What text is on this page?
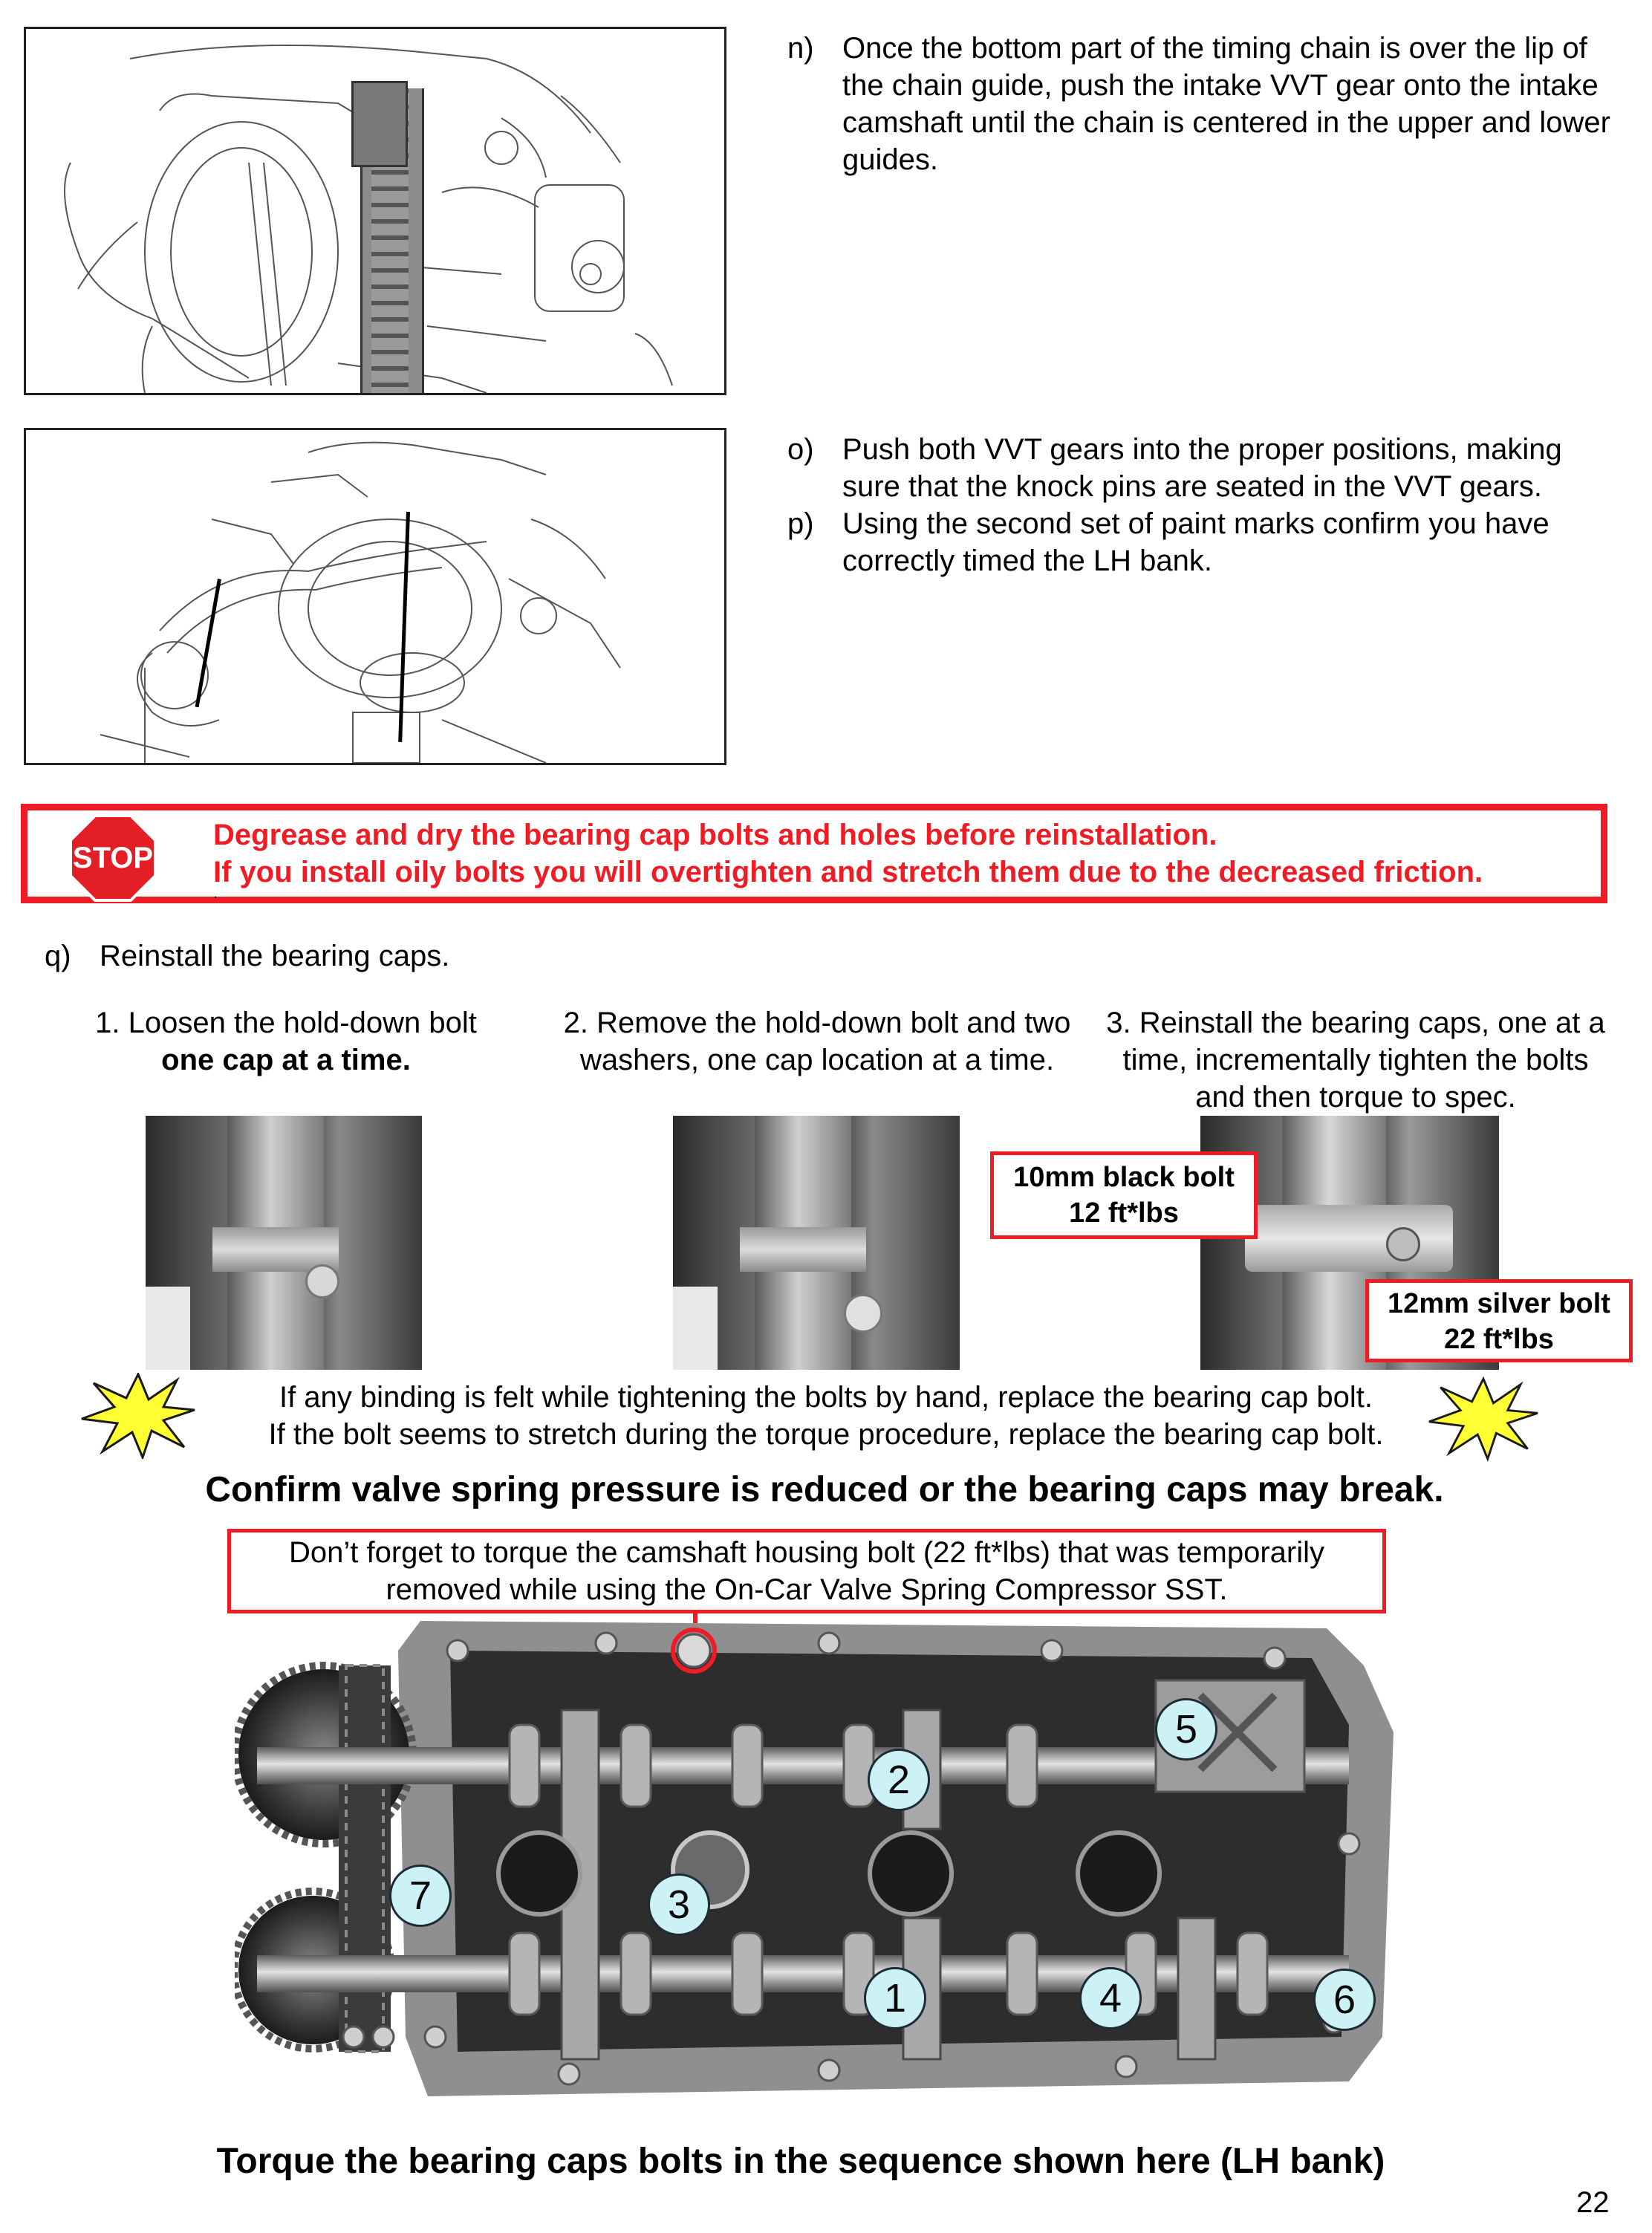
n) Once the bottom part of the timing chain is over the lip of the chain guide, push the intake VVT gear onto the intake camshaft until the chain is centered in the upper and lower guides.
o) Push both VVT gears into the proper positions, making sure that the knock pins are seated in the VVT gears.
p) Using the second set of paint marks confirm you have correctly timed the LH bank.
STOP
Degrease and dry the bearing cap bolts and holes before reinstallation.
If you install oily bolts you will overtighten and stretch them due to the decreased friction.
.
q) Reinstall the bearing caps.
1. Loosen the hold-down bolt
one cap at a time.
2. Remove the hold-down bolt and two washers, one cap location at a time.
3. Reinstall the bearing caps, one at a time, incrementally tighten the bolts and then torque to spec.
10mm black bolt
12 ft*lbs
12mm silver bolt
22 ft*lbs
If any binding is felt while tightening the bolts by hand, replace the bearing cap bolt.
If the bolt seems to stretch during the torque procedure, replace the bearing cap bolt.
Confirm valve spring pressure is reduced or the bearing caps may break.
Don’t forget to torque the camshaft housing bolt (22 ft*lbs) that was temporarily
removed while using the On-Car Valve Spring Compressor SST.
1
2
3
4
5
6
7
Torque the bearing caps bolts in the sequence shown here (LH bank)
22
